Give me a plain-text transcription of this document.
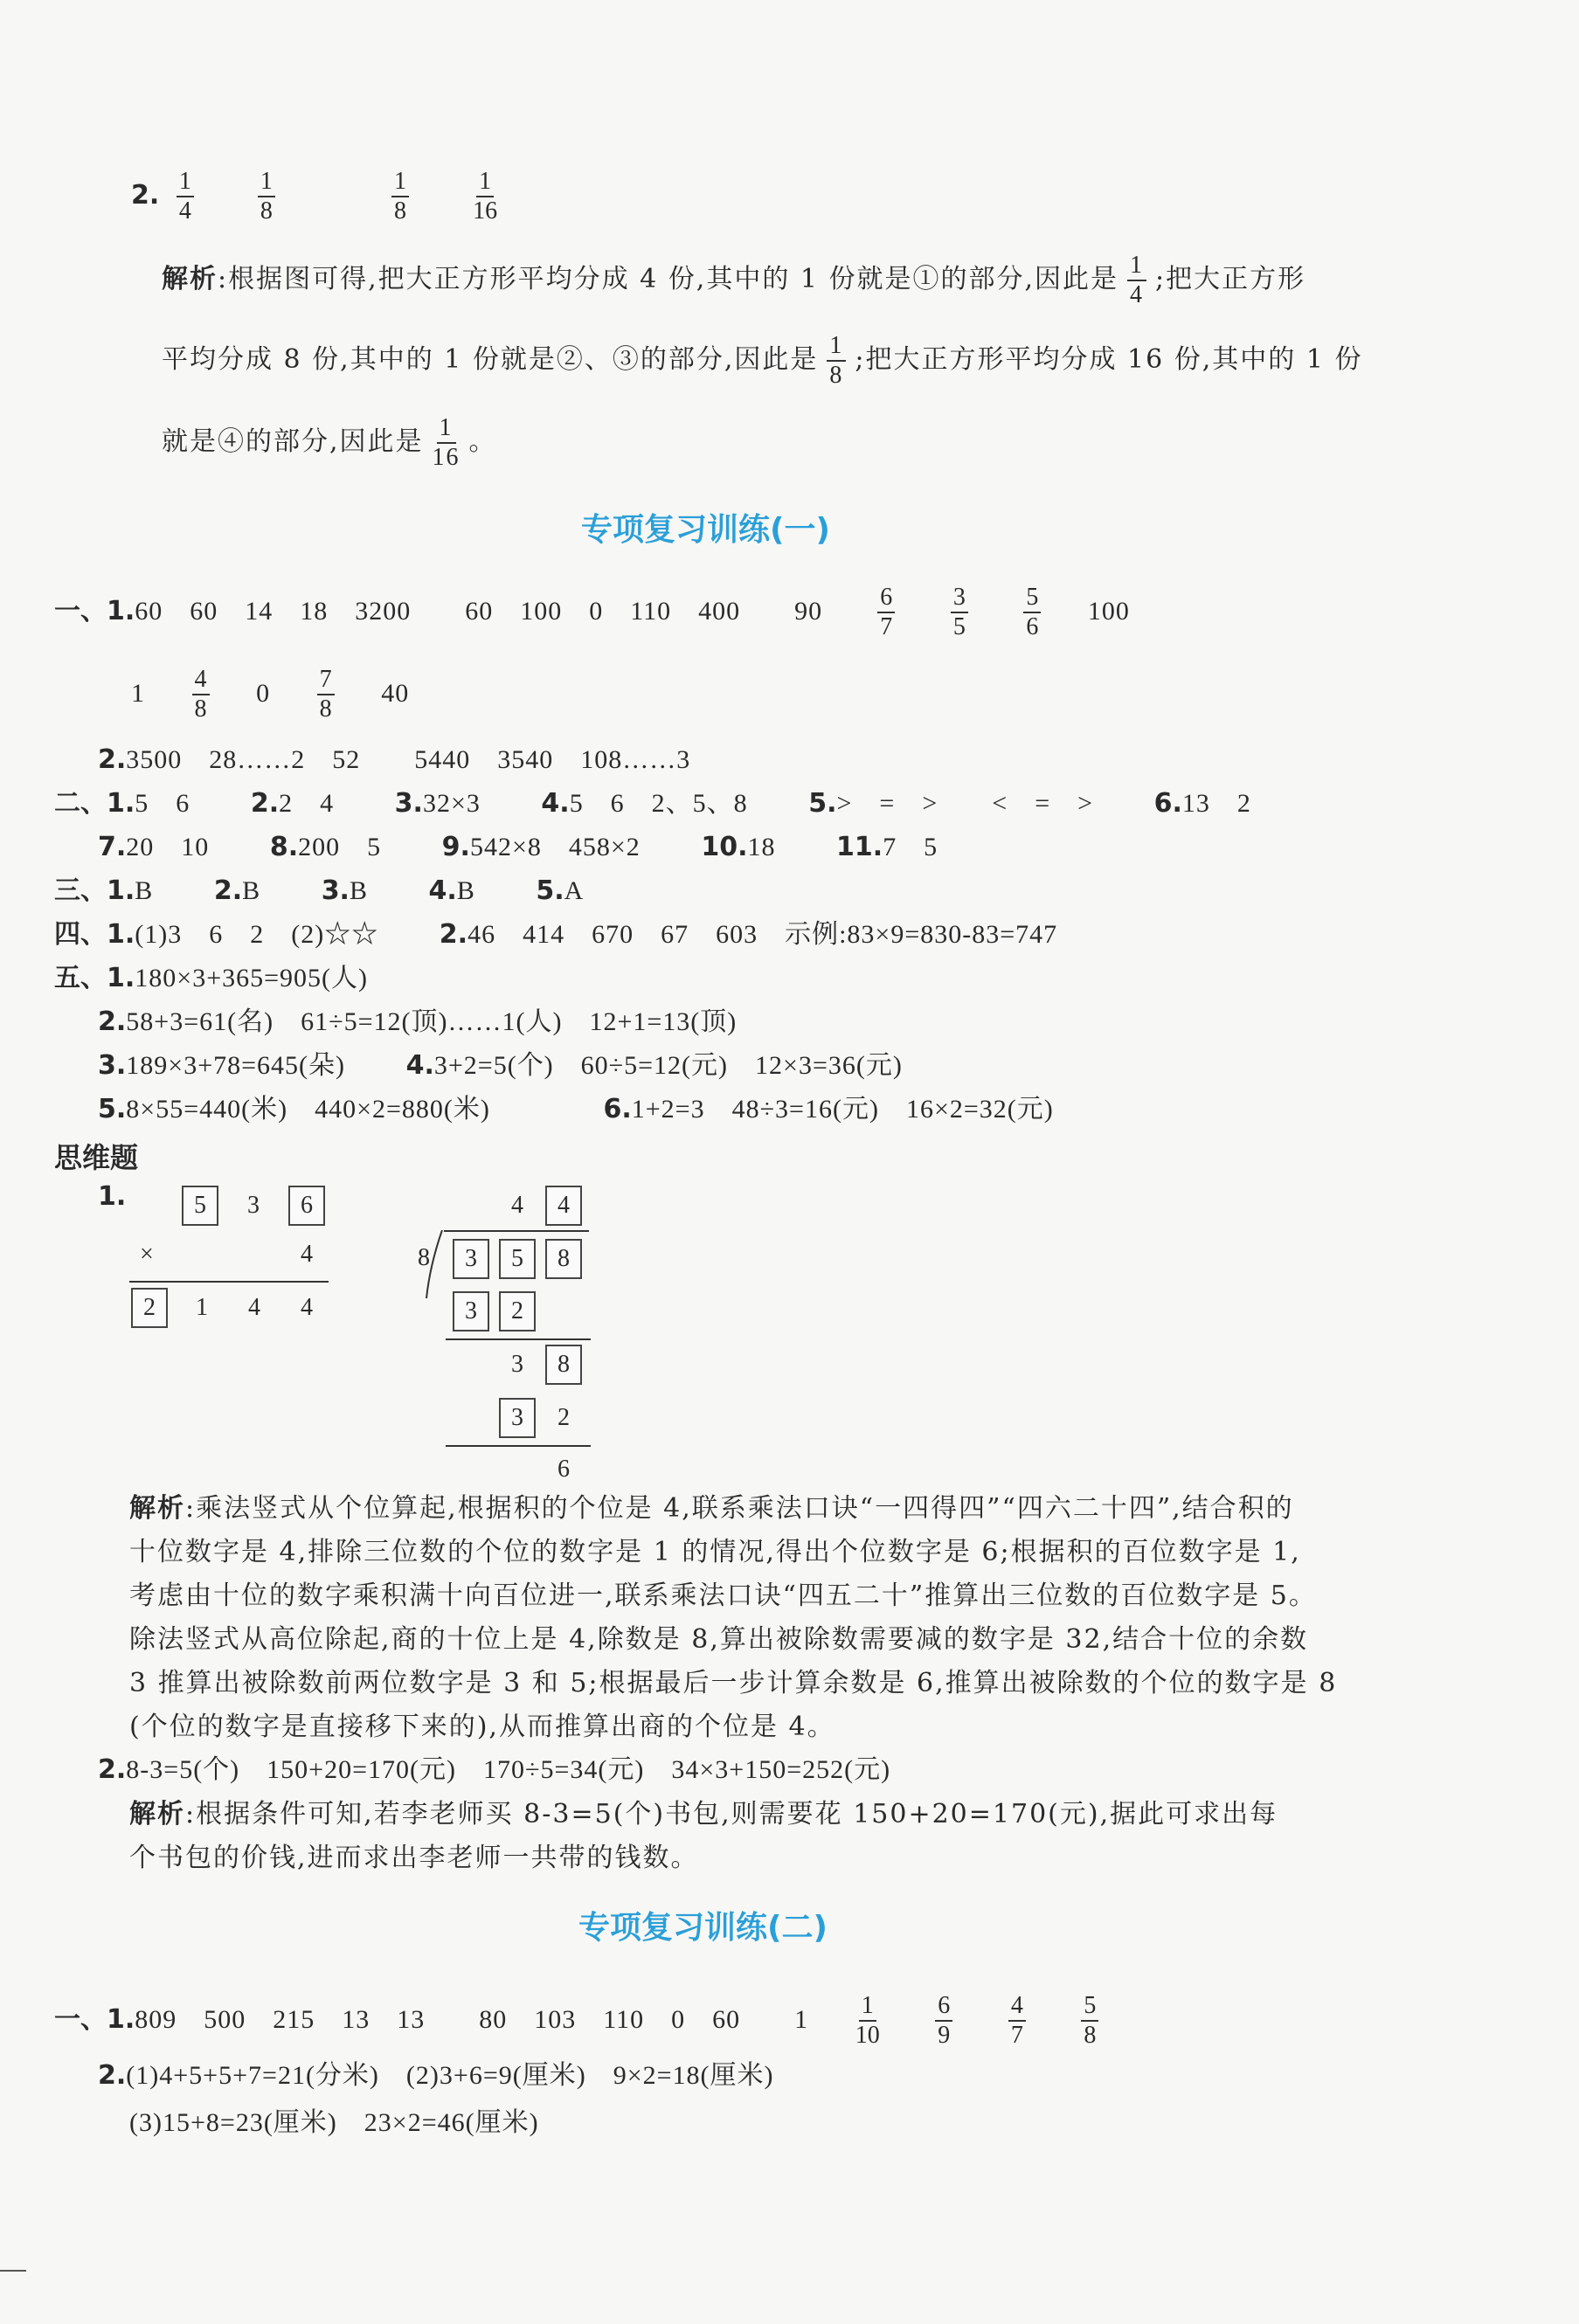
2. $\frac{1}{4}$
	$\frac{1}{8}$
	$\frac{1}{8}$
	$\frac{1}{16}$
解析:根据图可得,把大正方形平均分成 4 份,其中的 1 份就是①的部分,因此是 $\frac{1}{4}$ ;把大正方形
平均分成 8 份,其中的 1 份就是②、③的部分,因此是 $\frac{1}{8}$ ;把大正方形平均分成 16 份,其中的 1 份
就是④的部分,因此是 $\frac{1}{16}$ 。
专项复习训练(一)
一、1.60　60　14　18　3200　　60　100　0　110　400　　$90 \frac{6}{7}$
$\frac{3}{5}$
$\frac{5}{6} 100$
$1 \frac{4}{8} 0 \frac{7}{8} 40$
2.3500　28……2　52　　5440　3540　108……3
二、1.5　6 2.2　4 3.32×3 4.5　6　2、5、8 5.>　=　>　　<　=　> 6.13　2
7.20　10 8.200　5 9.542×8　458×2 10.18 11.7　5
三、1.B 2.B 3.B 4.B 5.A
四、1.(1)3　6　2　(2)☆☆ 2.46　414　670　67　603　示例:83×9=830-83=747
五、1.180×3+365=905(人)
2.58+3=61(名)　61÷5=12(顶)……1(人)　12+1=13(顶)
3.189×3+78=645(朵) 4.3+2=5(个)　60÷5=12(元)　12×3=36(元)
5.8×55=440(米)　440×2=880(米)	6.1+2=3　48÷3=16(元)　16×2=32(元)
思维题
1.	5	3	6
×	4
2	1 4 4
4	4
8	3	5	8
3	2
3	8
3	2
6
解析:乘法竖式从个位算起,根据积的个位是 4,联系乘法口诀“一四得四”“四六二十四”,结合积的
十位数字是 4,排除三位数的个位的数字是 1 的情况,得出个位数字是 6;根据积的百位数字是 1,
考虑由十位的数字乘积满十向百位进一,联系乘法口诀“四五二十”推算出三位数的百位数字是 5。
除法竖式从高位除起,商的十位上是 4,除数是 8,算出被除数需要减的数字是 32,结合十位的余数
3 推算出被除数前两位数字是 3 和 5;根据最后一步计算余数是 6,推算出被除数的个位的数字是 8
(个位的数字是直接移下来的),从而推算出商的个位是 4。
2.8-3=5(个)　150+20=170(元)　170÷5=34(元)　34×3+150=252(元)
解析:根据条件可知,若李老师买 8-3=5(个)书包,则需要花 150+20=170(元),据此可求出每
个书包的价钱,进而求出李老师一共带的钱数。
专项复习训练(二)
一、1.809　500　215　13　13　　80　103　110　0　60　　$1 \frac{1}{10}$
$\frac{6}{9}$
$\frac{4}{7}$
$\frac{5}{8}$
2.(1)4+5+5+7=21(分米)　(2)3+6=9(厘米)　9×2=18(厘米)
(3)15+8=23(厘米)　23×2=46(厘米)
